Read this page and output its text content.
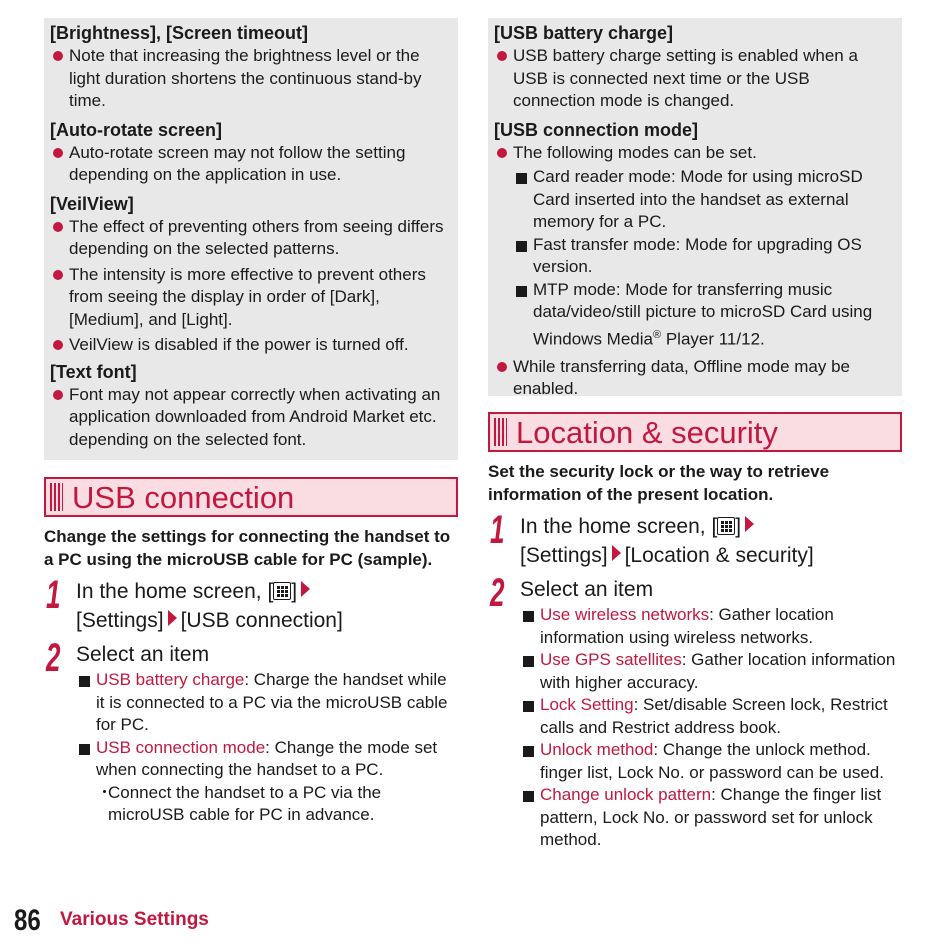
[Brightness], [Screen timeout]

Note that increasing the brightness level or the light duration shortens the continuous stand-by time.

[Auto-rotate screen]

Auto-rotate screen may not follow the setting depending on the application in use.

[VeilView]

The effect of preventing others from seeing differs depending on the selected patterns.

The intensity is more effective to prevent others from seeing the display in order of [Dark], [Medium], and [Light].

VeilView is disabled if the power is turned off.

[Text font]

Font may not appear correctly when activating an application downloaded from Android Market etc. depending on the selected font.

USB connection

Change the settings for connecting the handset to a PC using the microUSB cable for PC (sample).

1 In the home screen, [ ]
[Settings] [USB connection]
2 Select an item
USB battery charge: Charge the handset while it is connected to a PC via the microUSB cable for PC.
USB connection mode: Change the mode set when connecting the handset to a PC.
・
Connect the handset to a PC via the microUSB cable for PC in advance.

[USB battery charge]

USB battery charge setting is enabled when a USB is connected next time or the USB connection mode is changed.

[USB connection mode]

The following modes can be set.

Card reader mode: Mode for using microSD Card inserted into the handset as external memory for a PC.
Fast transfer mode: Mode for upgrading OS version.
MTP mode: Mode for transferring music data/video/still picture to microSD Card using Windows Media® Player 11/12.

While transferring data, Offline mode may be enabled.

Location & security

Set the security lock or the way to retrieve information of the present location.

1 In the home screen, [ ]
[Settings] [Location & security]
2 Select an item
Use wireless networks: Gather location information using wireless networks.
Use GPS satellites: Gather location information with higher accuracy.
Lock Setting: Set/disable Screen lock, Restrict calls and Restrict address book.
Unlock method: Change the unlock method. finger list, Lock No. or password can be used.
Change unlock pattern: Change the finger list pattern, Lock No. or password set for unlock method.
86 Various Settings
